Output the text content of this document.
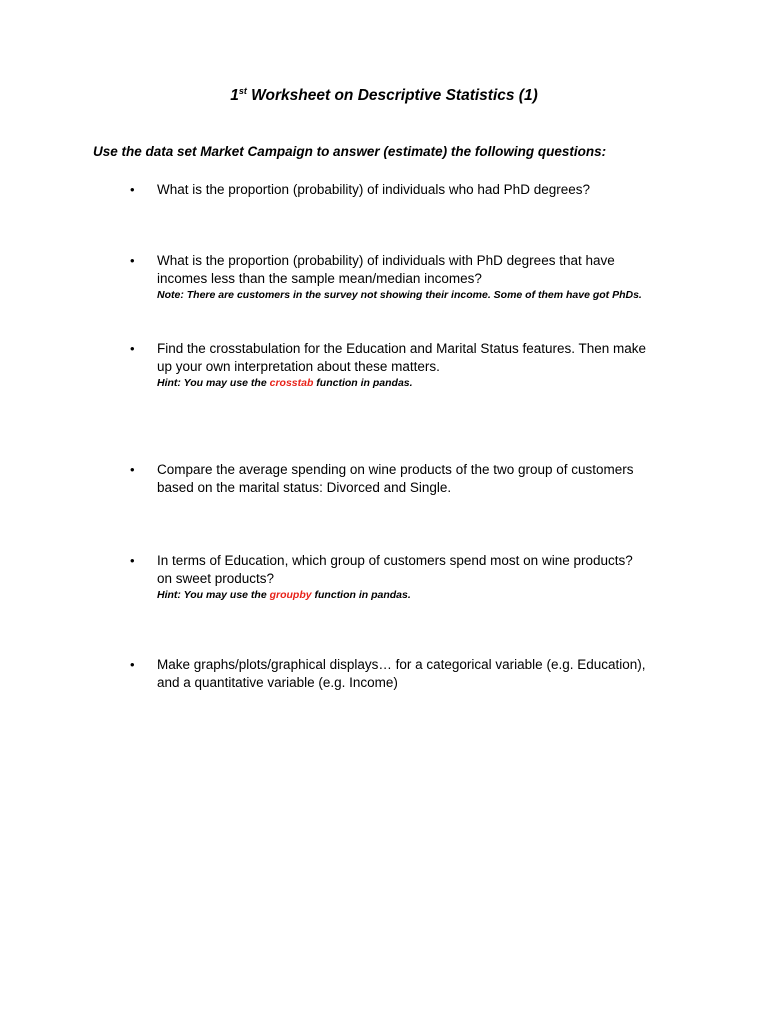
1st Worksheet on Descriptive Statistics (1)
Use the data set Market Campaign to answer (estimate) the following questions:
• What is the proportion (probability) of individuals who had PhD degrees?
• What is the proportion (probability) of individuals with PhD degrees that have
incomes less than the sample mean/median incomes?
Note: There are customers in the survey not showing their income. Some of them have got PhDs.
• Find the crosstabulation for the Education and Marital Status features. Then make
up your own interpretation about these matters.
Hint: You may use the crosstab function in pandas.
• Compare the average spending on wine products of the two group of customers
based on the marital status: Divorced and Single.
• In terms of Education, which group of customers spend most on wine products?
on sweet products?
Hint: You may use the groupby function in pandas.
• Make graphs/plots/graphical displays… for a categorical variable (e.g. Education),
and a quantitative variable (e.g. Income)
